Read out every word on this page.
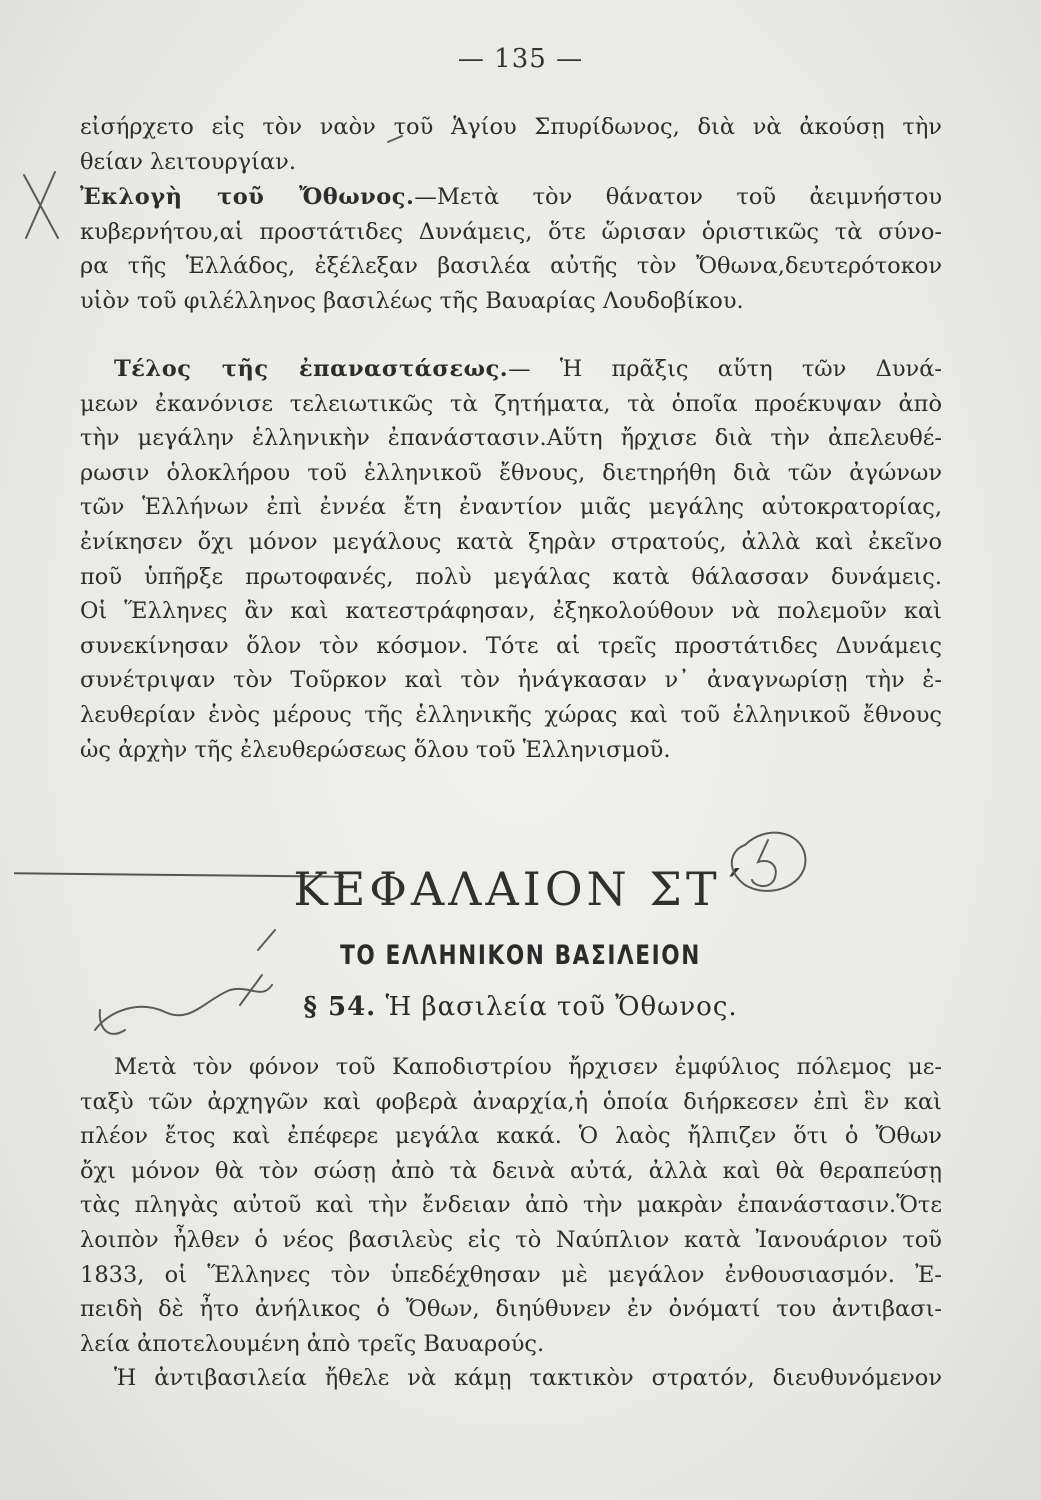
— 135 —
εἰσήρχετο εἰς τὸν ναὸν τοῦ Ἁγίου Σπυρίδωνος, διὰ νὰ ἀκούσῃ τὴν
θείαν λειτουργίαν.
Ἐκλογὴ τοῦ Ὄθωνος.—Μετὰ τὸν θάνατον τοῦ ἀειμνήστου
κυβερνήτου,αἱ προστάτιδες Δυνάμεις, ὅτε ὥρισαν ὁριστικῶς τὰ σύνο-
ρα τῆς Ἑλλάδος, ἐξέλεξαν βασιλέα αὐτῆς τὸν Ὄθωνα,δευτερότοκον
υἱὸν τοῦ φιλέλληνος βασιλέως τῆς Βαυαρίας Λουδοβίκου.
Τέλος τῆς ἐπαναστάσεως.— Ἡ πρᾶξις αὕτη τῶν Δυνά-
μεων ἐκανόνισε τελειωτικῶς τὰ ζητήματα, τὰ ὁποῖα προέκυψαν ἀπὸ
τὴν μεγάλην ἑλληνικὴν ἐπανάστασιν.Αὕτη ἤρχισε διὰ τὴν ἀπελευθέ-
ρωσιν ὁλοκλήρου τοῦ ἑλληνικοῦ ἔθνους, διετηρήθη διὰ τῶν ἀγώνων
τῶν Ἑλλήνων ἐπὶ ἐννέα ἔτη ἐναντίον μιᾶς μεγάλης αὐτοκρατορίας,
ἐνίκησεν ὄχι μόνον μεγάλους κατὰ ξηρὰν στρατούς, ἀλλὰ καὶ ἐκεῖνο
ποῦ ὑπῆρξε πρωτοφανές, πολὺ μεγάλας κατὰ θάλασσαν δυνάμεις.
Οἱ Ἕλληνες ἂν καὶ κατεστράφησαν, ἐξηκολούθουν νὰ πολεμοῦν καὶ
συνεκίνησαν ὅλον τὸν κόσμον. Τότε αἱ τρεῖς προστάτιδες Δυνάμεις
συνέτριψαν τὸν Τοῦρκον καὶ τὸν ἠνάγκασαν ν᾽ ἀναγνωρίσῃ τὴν ἐ-
λευθερίαν ἑνὸς μέρους τῆς ἑλληνικῆς χώρας καὶ τοῦ ἑλληνικοῦ ἔθνους
ὡς ἀρχὴν τῆς ἐλευθερώσεως ὅλου τοῦ Ἑλληνισμοῦ.
ΚΕΦΑΛΑΙΟΝ ΣΤ΄
ΤΟ ΕΛΛΗΝΙΚΟΝ ΒΑΣΙΛΕΙΟΝ
§ 54. Ἡ βασιλεία τοῦ Ὄθωνος.
Μετὰ τὸν φόνον τοῦ Καποδιστρίου ἤρχισεν ἐμφύλιος πόλεμος με-
ταξὺ τῶν ἀρχηγῶν καὶ φοβερὰ ἀναρχία,ἡ ὁποία διήρκεσεν ἐπὶ ἓν καὶ
πλέον ἔτος καὶ ἐπέφερε μεγάλα κακά. Ὁ λαὸς ἤλπιζεν ὅτι ὁ Ὄθων
ὄχι μόνον θὰ τὸν σώσῃ ἀπὸ τὰ δεινὰ αὐτά, ἀλλὰ καὶ θὰ θεραπεύσῃ
τὰς πληγὰς αὐτοῦ καὶ τὴν ἔνδειαν ἀπὸ τὴν μακρὰν ἐπανάστασιν.Ὅτε
λοιπὸν ἦλθεν ὁ νέος βασιλεὺς εἰς τὸ Ναύπλιον κατὰ Ἰανουάριον τοῦ
1833, οἱ Ἕλληνες τὸν ὑπεδέχθησαν μὲ μεγάλον ἐνθουσιασμόν. Ἐ-
πειδὴ δὲ ἦτο ἀνήλικος ὁ Ὄθων, διηύθυνεν ἐν ὀνόματί του ἀντιβασι-
λεία ἀποτελουμένη ἀπὸ τρεῖς Βαυαρούς.
Ἡ ἀντιβασιλεία ἤθελε νὰ κάμῃ τακτικὸν στρατόν, διευθυνόμενον
